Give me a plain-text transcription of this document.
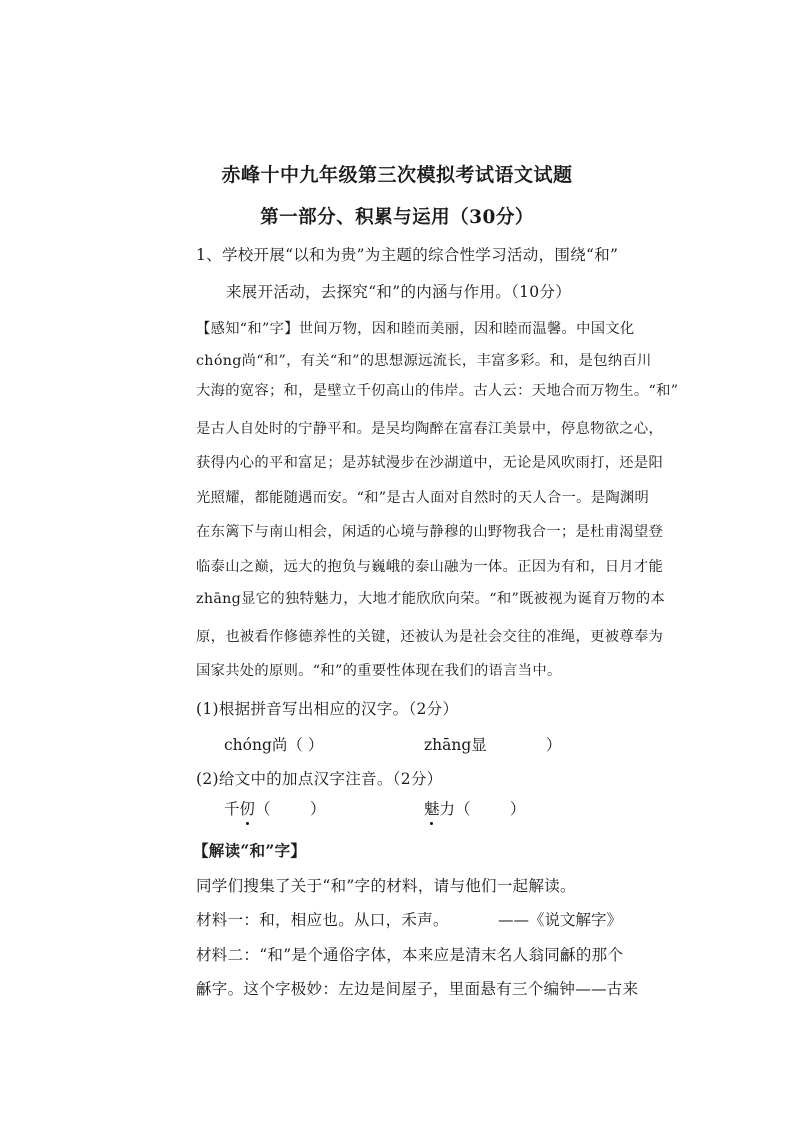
赤峰十中九年级第三次模拟考试语文试题
第一部分、积累与运用（30分）
1、学校开展“以和为贵”为主题的综合性学习活动，围绕“和”
来展开活动，去探究“和”的内涵与作用。（10分）
【感知“和”字】世间万物，因和睦而美丽，因和睦而温馨。中国文化
chóng尚“和”，有关“和”的思想源远流长，丰富多彩。和，是包纳百川
大海的宽容；和，是壁立千仞高山的伟岸。古人云：天地合而万物生。“和”
是古人自处时的宁静平和。是吴均陶醉在富春江美景中，停息物欲之心，
获得内心的平和富足；是苏轼漫步在沙湖道中，无论是风吹雨打，还是阳
光照耀，都能随遇而安。“和”是古人面对自然时的天人合一。是陶渊明
在东篱下与南山相会，闲适的心境与静穆的山野物我合一；是杜甫渴望登
临泰山之巅，远大的抱负与巍峨的泰山融为一体。正因为有和，日月才能
zhāng显它的独特魅力，大地才能欣欣向荣。“和”既被视为诞育万物的本
原，也被看作修德养性的关键，还被认为是社会交往的准绳，更被尊奉为
国家共处的原则。“和”的重要性体现在我们的语言当中。
(1)根据拼音写出相应的汉字。（2分）
chóng尚（ ）	zhāng显            ）
(2)给文中的加点汉字注音。（2分）
千仞（        ）	魅力（        ）
【解读“和”字】
同学们搜集了关于“和”字的材料，请与他们一起解读。
材料一：和，相应也。从口，禾声。	——《说文解字》
材料二：“和”是个通俗字体，本来应是清末名人翁同龢的那个
龢字。这个字极妙：左边是间屋子，里面悬有三个编钟——古来
